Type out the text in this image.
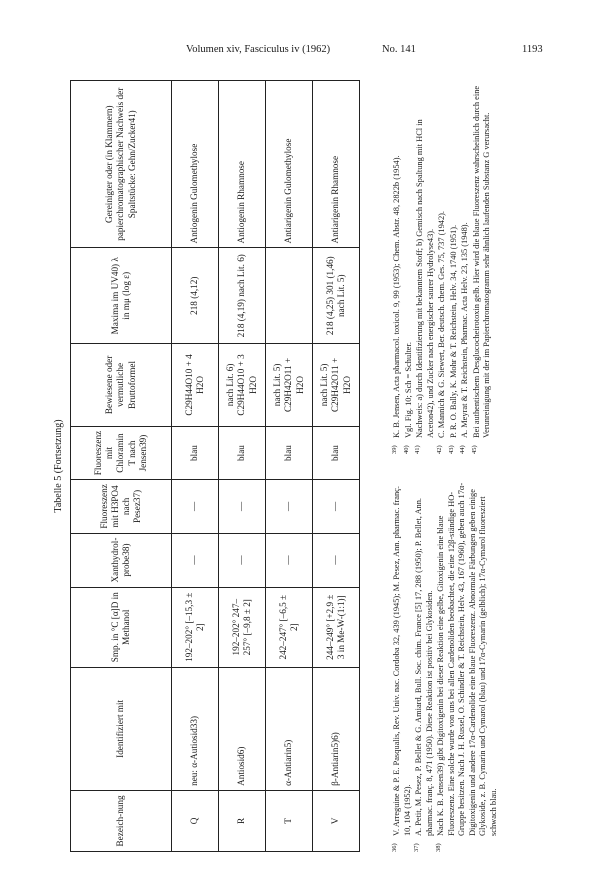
Volumen xiv, Fasciculus iv (1962)	No. 141	1193
Tabelle 5 (Fortsetzung)
Bezeich-nung	Identifiziert mit	Smp. in °C [α]D in Methanol	Xanthydrol-probe38)	Fluoreszenz mit H3PO4 nach Pesez37)	Fluoreszenz mit Chloramin T nach Jensen39)	Bewiesene oder vermutliche Bruttoformel	Maxima im UV40) λ in mμ (log ε)	Gereinigter oder (in Klammern) papierchromatographischer Nachweis der Spaltstücke: Gehn/Zucker41)
Q	neu: α-Autiosid33)	192–202° [–15,3 ± 2]	—	—	blau	C29H44O10 + 4 H2O	218 (4,12)	Antiogenin Gulomethylose
R	Antiosid6)	192–202° 247–257° [–9,8 ± 2]	—	—	blau	nach Lit. 6) C29H44O10 + 3 H2O	218 (4,19) nach Lit. 6)	Antiogenin Rhamnose
T	α-Antiarin5)	242–247° [–6,5 ± 2]	—	—	blau	nach Lit. 5) C29H42O11 + H2O		Antiarigenin Gulomethylose
V	β-Antiarin5)6)	244–249° [+2,9 ± 3 in Me-W-(1:1)]	—	—	blau	nach Lit. 5) C29H42O11 + H2O	218 (4,25) 301 (1,46) nach Lit. 5)	Antiarigenin Rhamnose

36)
V. Arreguine & P. E. Pasqualis, Rev. Univ. nac. Cordoba 32, 439 (1945); M. Pesez, Ann. pharmac. franç. 10, 104 (1952).

37)
A. Petit, M. Pesez, P. Bellet & G. Amiard, Bull. Soc. chim. France [5] 17, 288 (1950); P. Bellet, Ann. pharmac. franç. 8, 471 (1950). Diese Reaktion ist positiv bei Glykosiden.

38)
Nach K. B. Jensen39) gibt Digitoxigenin bei dieser Reaktion eine gelbe, Gitoxigenin eine blaue Fluoreszenz. Eine solche wurde von uns bei allen Cardenoliden beobachtet, die eine 12β-ständige HO-Gruppe besitzen. Nach J. H. Russel, O. Schindler & T. Reichstein, Helv. 43, 167 (1960), geben auch 17α-Digitoxigenin und andere 17α-Cardenolide eine blaue Fluoreszenz. Abnormale Färbungen geben einige Glykoside, z. B. Cymarin und Cymarol (blau) und 17α-Cymarin (gelblich); 17α-Cymarol fluoresziert schwach blau.

39)
K. B. Jensen, Acta pharmacol. toxicol. 9, 99 (1953); Chem. Abstr. 48, 2822b (1954).

40)
Vgl. Fig. 10; Sch = Schulter.

41)
Nachweis: a) durch Identifizierung mit bekanntem Stoff; b) Gemisch nach Spaltung mit HCl in Aceton42), und Zucker nach energischer saurer Hydrolyse43).

42)
C. Mannich & G. Siewert, Ber. deutsch. chem. Ges. 75, 737 (1942).

43)
P. R. O. Bally, K. Mohr & T. Reichstein, Helv. 34, 1740 (1951).

44)
A. Meyrat & T. Reichstein, Pharmac. Acta Helv. 23, 135 (1948).

45)
Bei authentischem Desglucocheirotoxin gelb. Hier wird die blaue Fluoreszenz wahrscheinlich durch eine Verunreinigung mit der im Papierchromatogramm sehr ähnlich laufenden Substanz G verursacht.
